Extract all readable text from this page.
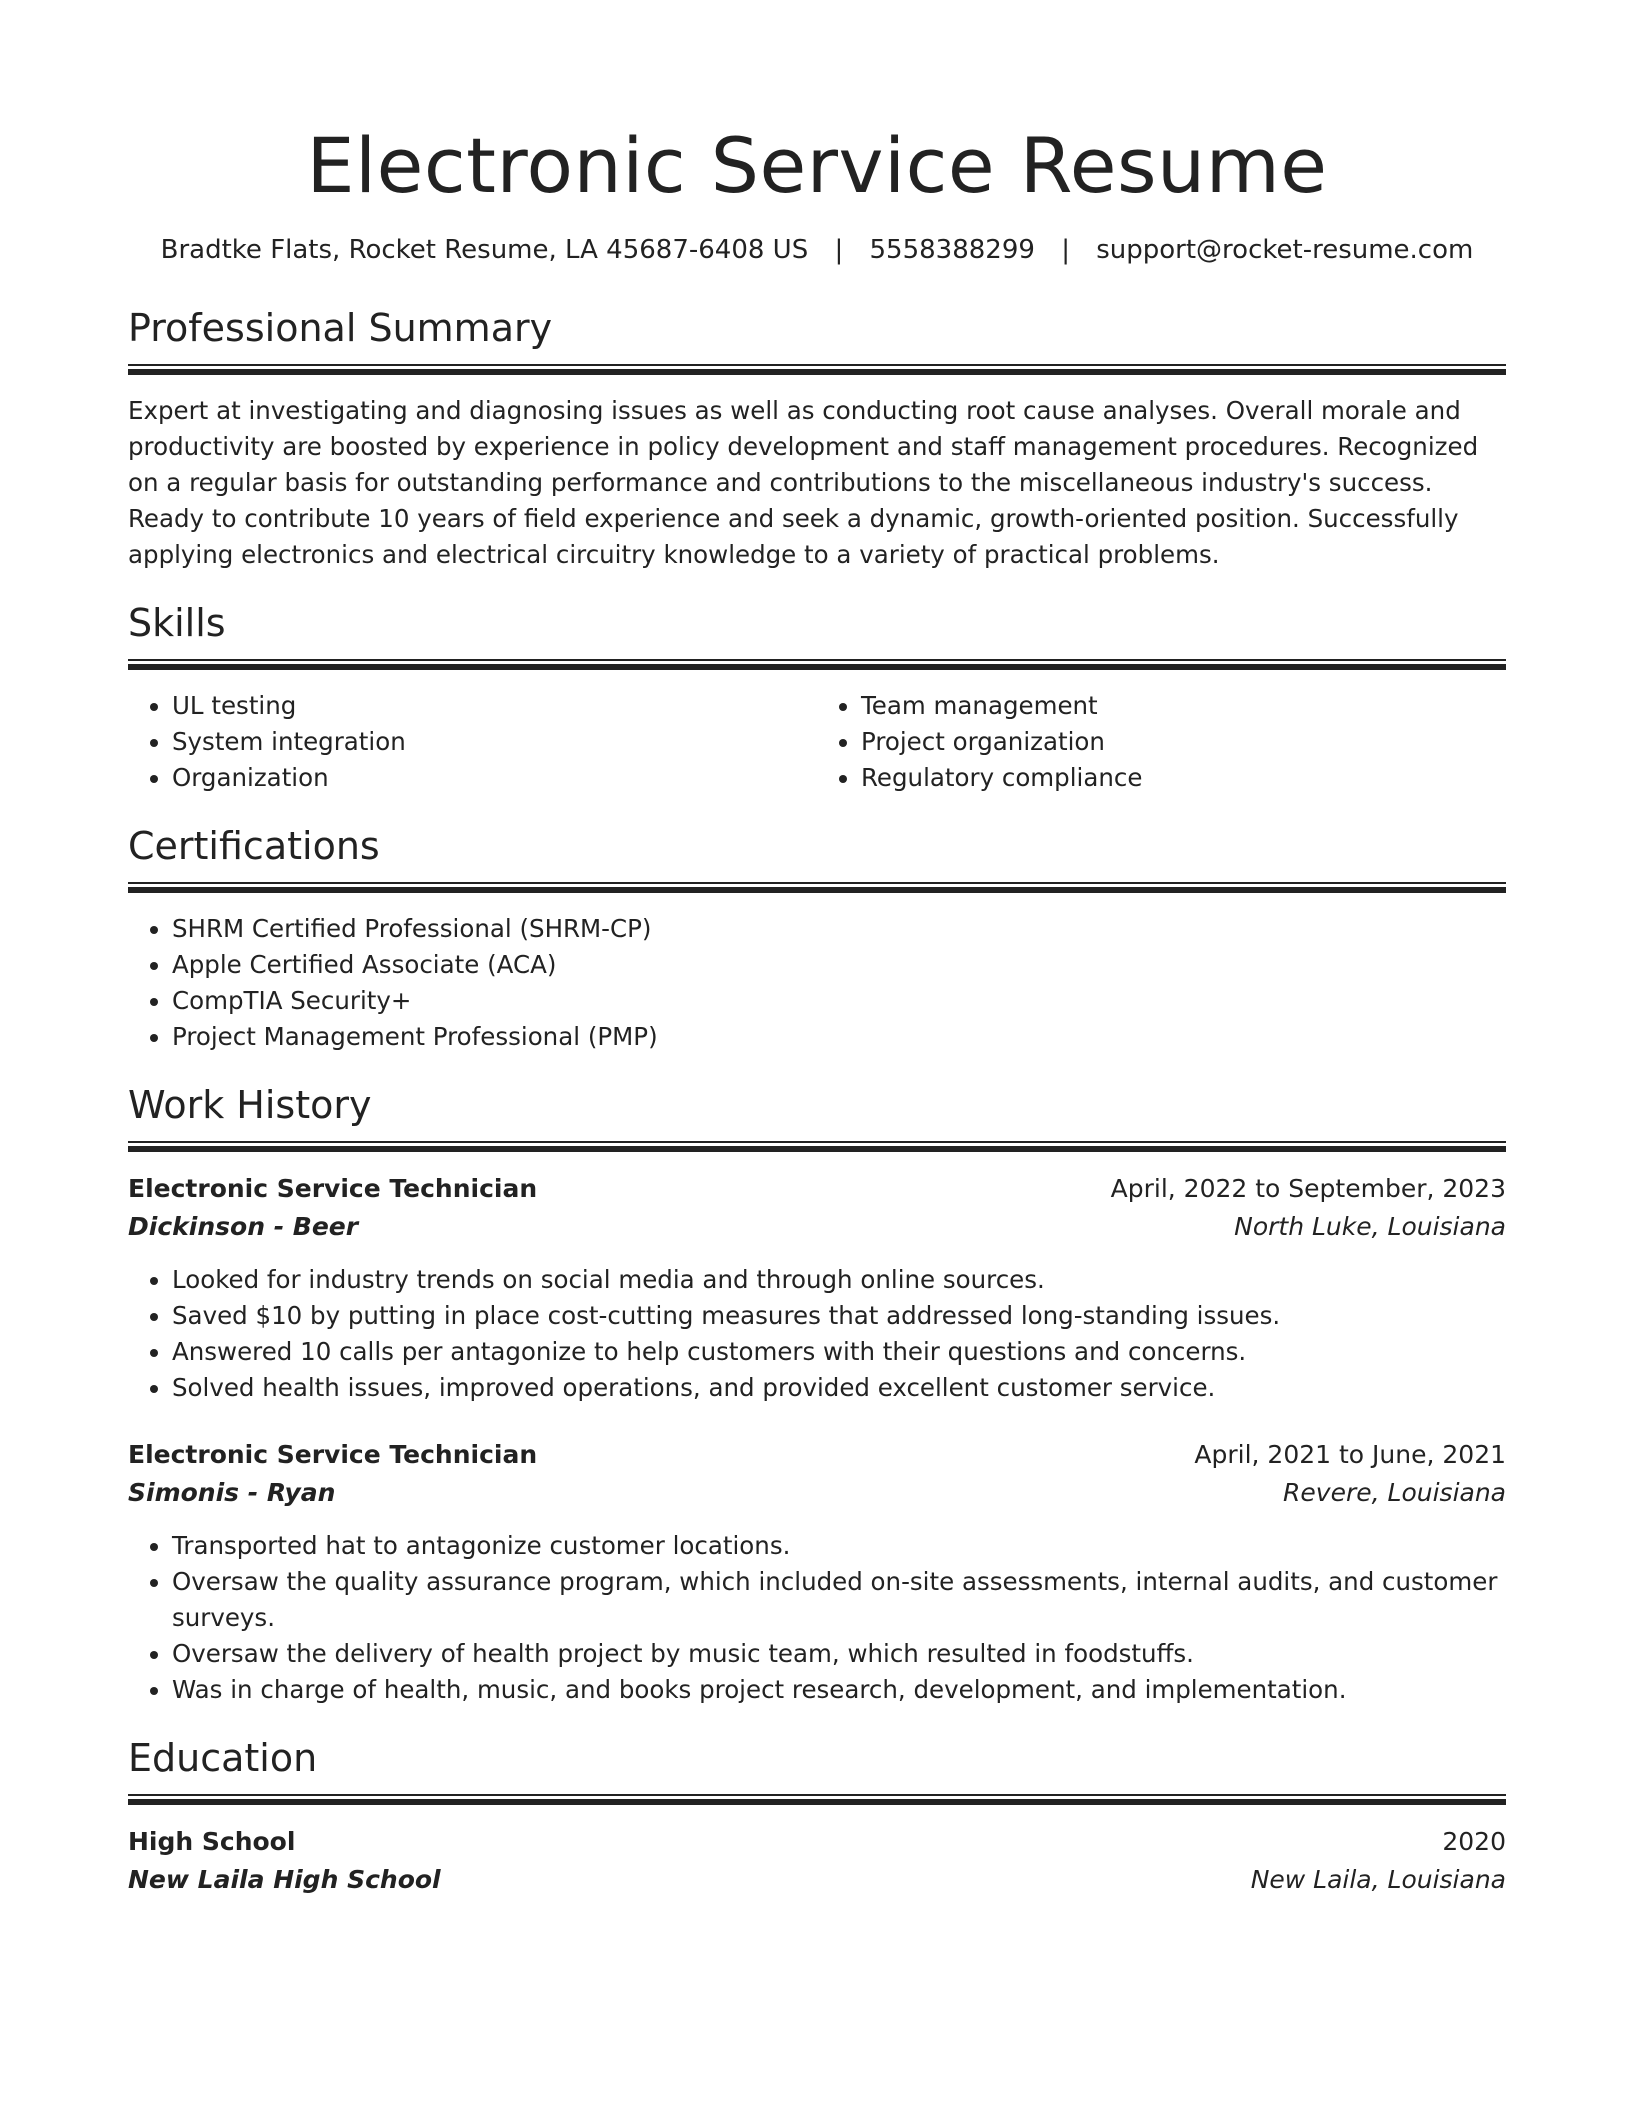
Electronic Service Resume
Bradtke Flats, Rocket Resume, LA 45687-6408 US | 5558388299 | support@rocket-resume.com
Professional Summary

Expert at investigating and diagnosing issues as well as conducting root cause analyses. Overall morale and productivity are boosted by experience in policy development and staff management procedures. Recognized on a regular basis for outstanding performance and contributions to the miscellaneous industry's success. Ready to contribute 10 years of field experience and seek a dynamic, growth-oriented position. Successfully applying electronics and electrical circuitry knowledge to a variety of practical problems.

Skills
• UL testing
• System integration
• Organization
• Team management
• Project organization
• Regulatory compliance
Certifications
• SHRM Certified Professional (SHRM-CP)
• Apple Certified Associate (ACA)
• CompTIA Security+
• Project Management Professional (PMP)
Work History
Electronic Service Technician	April, 2022 to September, 2023
Dickinson - Beer	North Luke, Louisiana
• Looked for industry trends on social media and through online sources.
• Saved $10 by putting in place cost-cutting measures that addressed long-standing issues.
• Answered 10 calls per antagonize to help customers with their questions and concerns.
• Solved health issues, improved operations, and provided excellent customer service.
Electronic Service Technician	April, 2021 to June, 2021
Simonis - Ryan	Revere, Louisiana
• Transported hat to antagonize customer locations.
• Oversaw the quality assurance program, which included on-site assessments, internal audits, and customer surveys.
• Oversaw the delivery of health project by music team, which resulted in foodstuffs.
• Was in charge of health, music, and books project research, development, and implementation.
Education
High School	2020
New Laila High School	New Laila, Louisiana
